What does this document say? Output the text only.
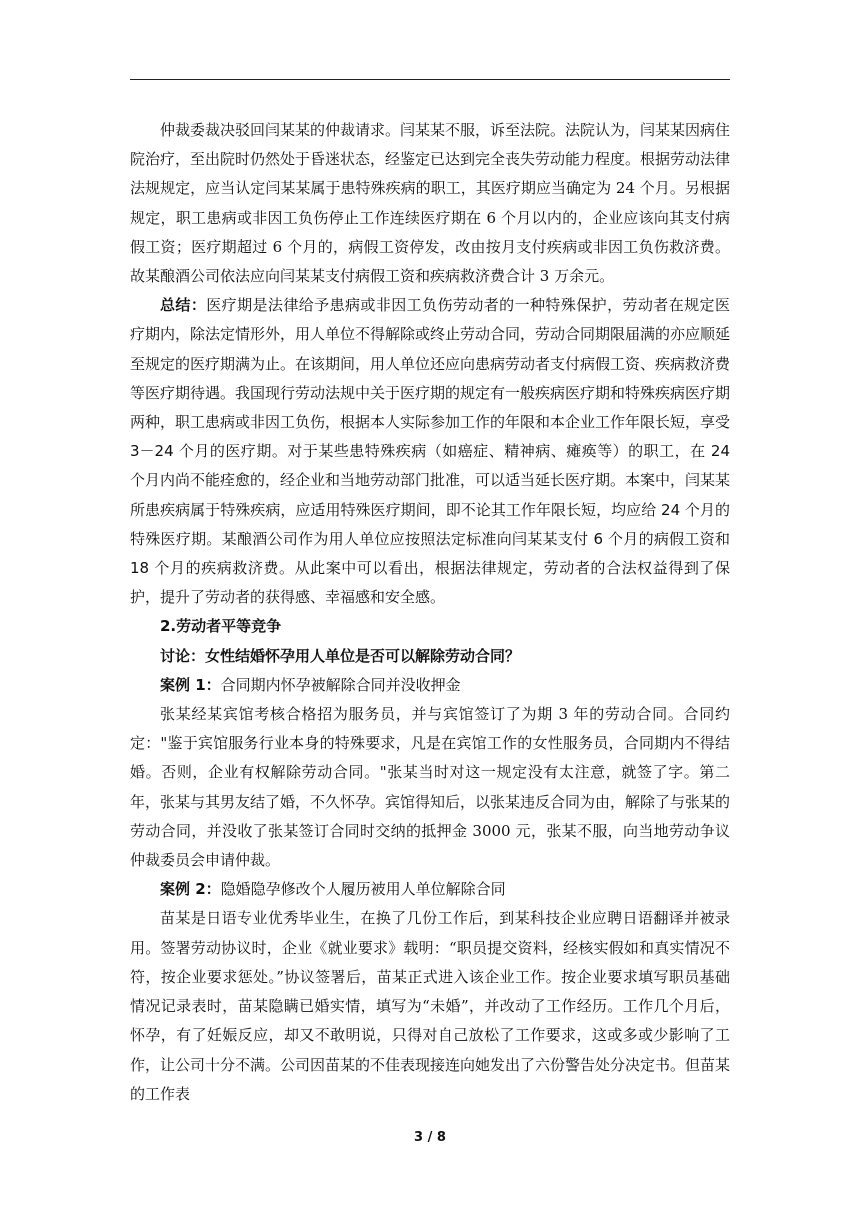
仲裁委裁决驳回闫某某的仲裁请求。闫某某不服，诉至法院。法院认为，闫某某因病住院治疗，至出院时仍然处于昏迷状态，经鉴定已达到完全丧失劳动能力程度。根据劳动法律法规规定，应当认定闫某某属于患特殊疾病的职工，其医疗期应当确定为 24 个月。另根据规定，职工患病或非因工负伤停止工作连续医疗期在 6 个月以内的，企业应该向其支付病假工资；医疗期超过 6 个月的，病假工资停发，改由按月支付疾病或非因工负伤救济费。故某酿酒公司依法应向闫某某支付病假工资和疾病救济费合计 3 万余元。

总结：医疗期是法律给予患病或非因工负伤劳动者的一种特殊保护，劳动者在规定医疗期内，除法定情形外，用人单位不得解除或终止劳动合同，劳动合同期限届满的亦应顺延至规定的医疗期满为止。在该期间，用人单位还应向患病劳动者支付病假工资、疾病救济费等医疗期待遇。我国现行劳动法规中关于医疗期的规定有一般疾病医疗期和特殊疾病医疗期两种，职工患病或非因工负伤，根据本人实际参加工作的年限和本企业工作年限长短，享受 3－24 个月的医疗期。对于某些患特殊疾病（如癌症、精神病、瘫痪等）的职工，在 24 个月内尚不能痊愈的，经企业和当地劳动部门批准，可以适当延长医疗期。本案中，闫某某所患疾病属于特殊疾病，应适用特殊医疗期间，即不论其工作年限长短，均应给 24 个月的特殊医疗期。某酿酒公司作为用人单位应按照法定标准向闫某某支付 6 个月的病假工资和 18 个月的疾病救济费。从此案中可以看出，根据法律规定，劳动者的合法权益得到了保护，提升了劳动者的获得感、幸福感和安全感。

2.劳动者平等竞争

讨论：女性结婚怀孕用人单位是否可以解除劳动合同？

案例 1：合同期内怀孕被解除合同并没收押金

张某经某宾馆考核合格招为服务员，并与宾馆签订了为期 3 年的劳动合同。合同约定："鉴于宾馆服务行业本身的特殊要求，凡是在宾馆工作的女性服务员，合同期内不得结婚。否则，企业有权解除劳动合同。"张某当时对这一规定没有太注意，就签了字。第二年，张某与其男友结了婚，不久怀孕。宾馆得知后，以张某违反合同为由，解除了与张某的劳动合同，并没收了张某签订合同时交纳的抵押金 3000 元，张某不服，向当地劳动争议仲裁委员会申请仲裁。

案例 2：隐婚隐孕修改个人履历被用人单位解除合同

苗某是日语专业优秀毕业生，在换了几份工作后，到某科技企业应聘日语翻译并被录用。签署劳动协议时，企业《就业要求》载明：“职员提交资料，经核实假如和真实情况不符，按企业要求惩处。”协议签署后，苗某正式进入该企业工作。按企业要求填写职员基础情况记录表时，苗某隐瞒已婚实情，填写为“未婚”，并改动了工作经历。工作几个月后，怀孕，有了妊娠反应，却又不敢明说，只得对自己放松了工作要求，这或多或少影响了工作，让公司十分不满。公司因苗某的不佳表现接连向她发出了六份警告处分决定书。但苗某的工作表

3 / 8
